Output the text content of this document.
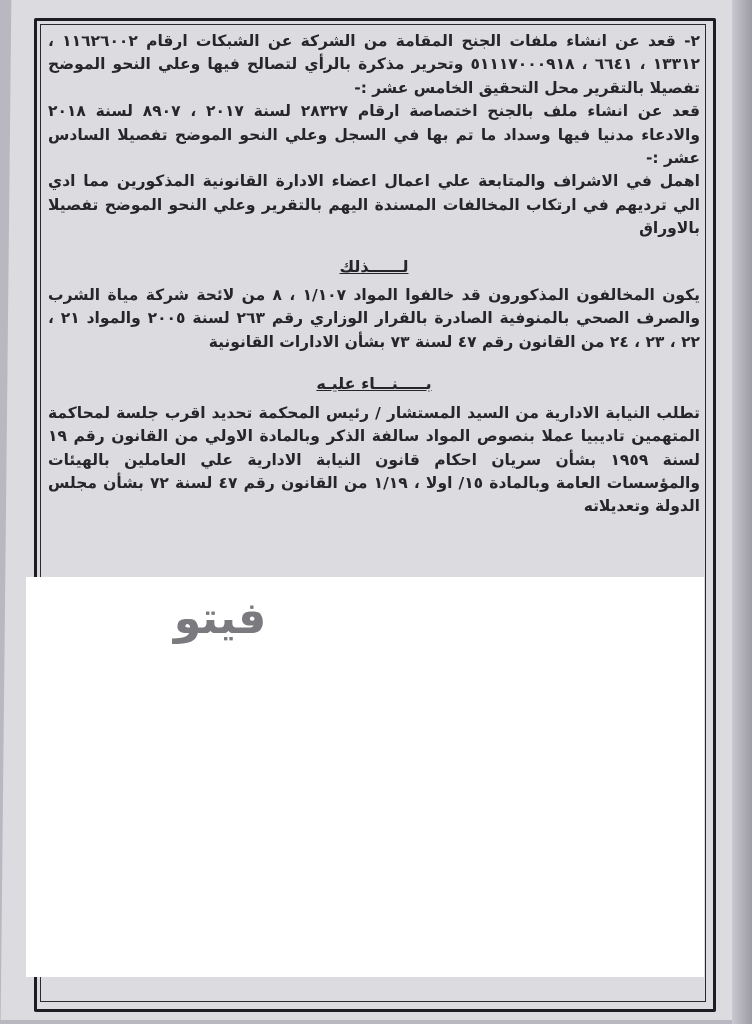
٢- قعد عن انشاء ملفات الجنح المقامة من الشركة عن الشبكات ارقام ١١٦٢٦٠٠٢ ، ١٣٣١٢ ، ٦٦٤١ ، ٥١١١٧٠٠٠٩١٨ وتحرير مذكرة بالرأي لتصالح فيها وعلي النحو الموضح تفصيلا بالتقرير محل التحقيق الخامس عشر :-

قعد عن انشاء ملف بالجنح اختصاصة ارقام ٢٨٣٢٧ لسنة ٢٠١٧ ، ٨٩٠٧ لسنة ٢٠١٨ والادعاء مدنيا فيها وسداد ما تم بها في السجل وعلي النحو الموضح تفصيلا السادس عشر :-

اهمل في الاشراف والمتابعة علي اعمال اعضاء الادارة القانونية المذكورين مما ادي الي ترديهم في ارتكاب المخالفات المسندة اليهم بالتقرير وعلي النحو الموضح تفصيلا بالاوراق

لــــــذلك

يكون المخالفون المذكورون قد خالفوا المواد ١/١٠٧ ، ٨ من لائحة شركة مياة الشرب والصرف الصحي بالمنوفية الصادرة بالقرار الوزاري رقم ٢٦٣ لسنة ٢٠٠٥ والمواد ٢١ ، ٢٢ ، ٢٣ ، ٢٤ من القانون رقم ٤٧ لسنة ٧٣ بشأن الادارات القانونية

بـــــنـــاء عليـه

تطلب النيابة الادارية من السيد المستشار / رئيس المحكمة تحديد اقرب جلسة لمحاكمة المتهمين تاديبيا عملا بنصوص المواد سالفة الذكر وبالمادة الاولي من القانون رقم ١٩ لسنة ١٩٥٩ بشأن سريان احكام قانون النيابة الادارية علي العاملين بالهيئات والمؤسسات العامة وبالمادة ١٥/ اولا ، ١/١٩ من القانون رقم ٤٧ لسنة ٧٢ بشأن مجلس الدولة وتعديلاته

فيتو
